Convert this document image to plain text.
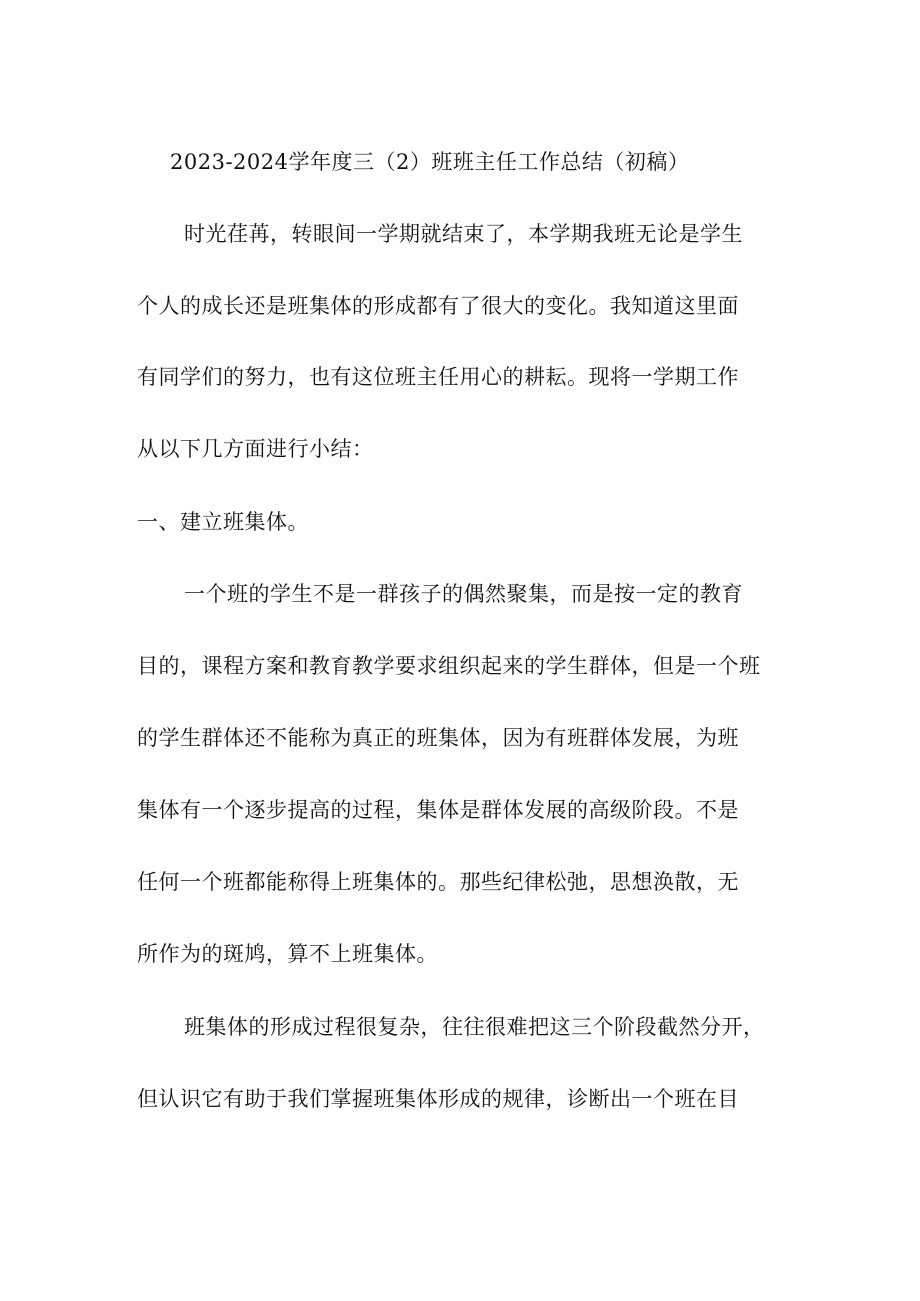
2023-2024学年度三（2）班班主任工作总结（初稿）
时光荏苒，转眼间一学期就结束了，本学期我班无论是学生
个人的成长还是班集体的形成都有了很大的变化。我知道这里面
有同学们的努力，也有这位班主任用心的耕耘。现将一学期工作
从以下几方面进行小结：
一、建立班集体。
一个班的学生不是一群孩子的偶然聚集，而是按一定的教育
目的，课程方案和教育教学要求组织起来的学生群体，但是一个班
的学生群体还不能称为真正的班集体，因为有班群体发展，为班
集体有一个逐步提高的过程，集体是群体发展的高级阶段。不是
任何一个班都能称得上班集体的。那些纪律松弛，思想涣散，无
所作为的斑鸠，算不上班集体。
班集体的形成过程很复杂，往往很难把这三个阶段截然分开，
但认识它有助于我们掌握班集体形成的规律，诊断出一个班在目
